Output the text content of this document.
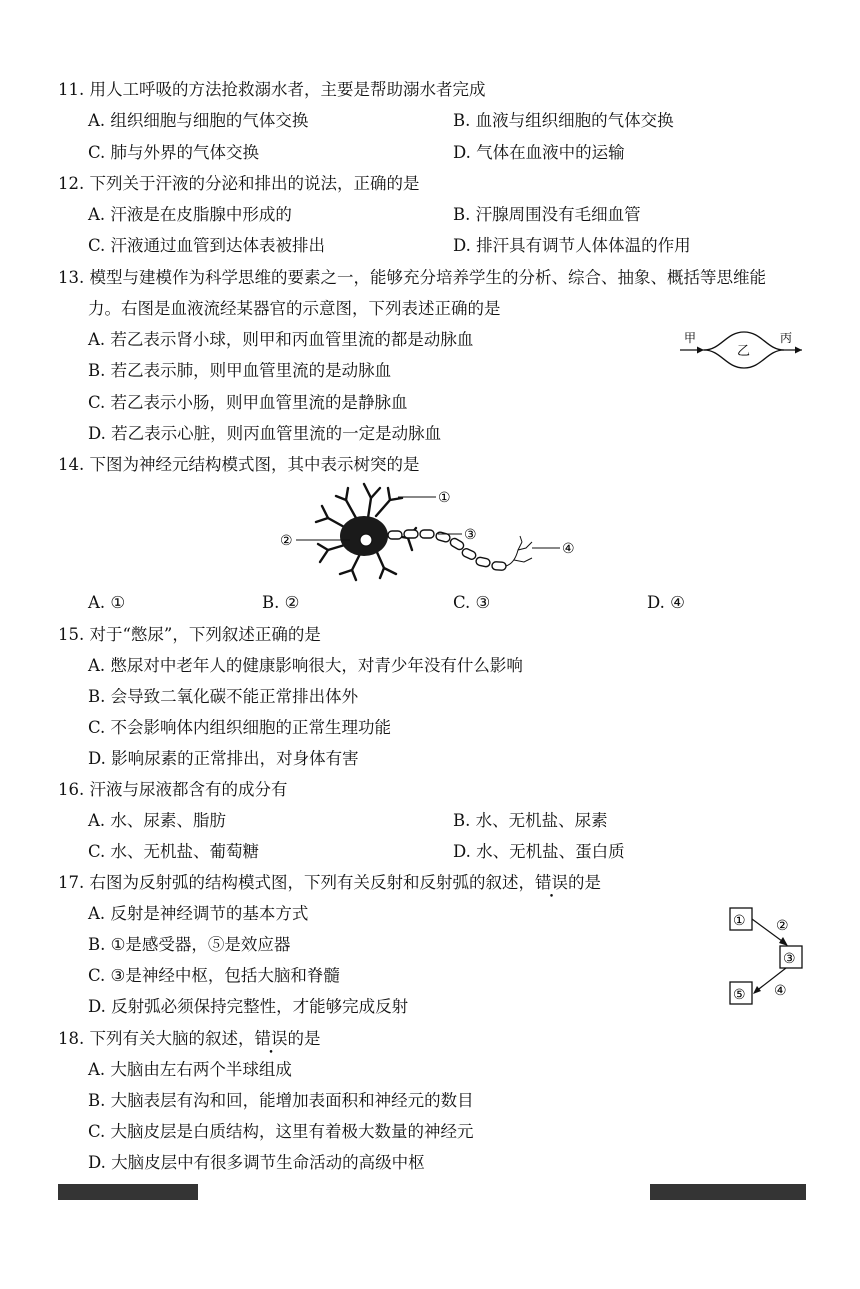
11. 用人工呼吸的方法抢救溺水者，主要是帮助溺水者完成
A. 组织细胞与细胞的气体交换	B. 血液与组织细胞的气体交换
C. 肺与外界的气体交换	D. 气体在血液中的运输
12. 下列关于汗液的分泌和排出的说法，正确的是
A. 汗液是在皮脂腺中形成的	B. 汗腺周围没有毛细血管
C. 汗液通过血管到达体表被排出	D. 排汗具有调节人体体温的作用
13. 模型与建模作为科学思维的要素之一，能够充分培养学生的分析、综合、抽象、概括等思维能
力。右图是血液流经某器官的示意图，下列表述正确的是
A. 若乙表示肾小球，则甲和丙血管里流的都是动脉血
B. 若乙表示肺，则甲血管里流的是动脉血
C. 若乙表示小肠，则甲血管里流的是静脉血
D. 若乙表示心脏，则丙血管里流的一定是动脉血
甲
乙
丙
14. 下图为神经元结构模式图，其中表示树突的是
①
②	③
④
A. ①	B. ②	C. ③	D. ④
15. 对于“憋尿”，下列叙述正确的是
A. 憋尿对中老年人的健康影响很大，对青少年没有什么影响
B. 会导致二氧化碳不能正常排出体外
C. 不会影响体内组织细胞的正常生理功能
D. 影响尿素的正常排出，对身体有害
16. 汗液与尿液都含有的成分有
A. 水、尿素、脂肪	B. 水、无机盐、尿素
C. 水、无机盐、葡萄糖	D. 水、无机盐、蛋白质
17. 右图为反射弧的结构模式图，下列有关反射和反射弧的叙述，错误的是
A. 反射是神经调节的基本方式
B. ①是感受器，⑤是效应器
C. ③是神经中枢，包括大脑和脊髓
D. 反射弧必须保持完整性，才能够完成反射
① ②
③
④
⑤
18. 下列有关大脑的叙述，错误的是
A. 大脑由左右两个半球组成
B. 大脑表层有沟和回，能增加表面积和神经元的数目
C. 大脑皮层是白质结构，这里有着极大数量的神经元
D. 大脑皮层中有很多调节生命活动的高级中枢
